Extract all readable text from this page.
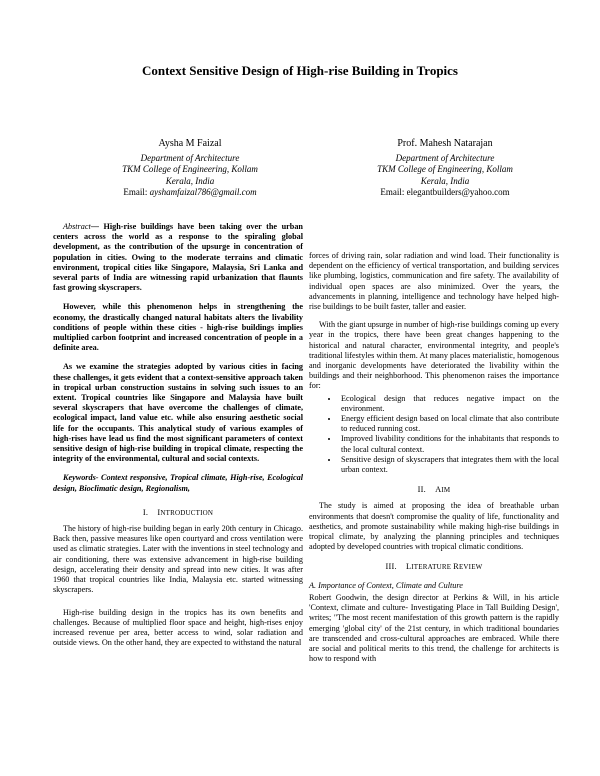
Context Sensitive Design of High-rise Building in Tropics
Aysha M Faizal
Department of Architecture
TKM College of Engineering, Kollam
Kerala, India
Email: ayshamfaizal786@gmail.com
Prof. Mahesh Natarajan
Department of Architecture
TKM College of Engineering, Kollam
Kerala, India
Email: elegantbuilders@yahoo.com

Abstract— High-rise buildings have been taking over the urban centers across the world as a response to the spiraling global development, as the contribution of the upsurge in concentration of population in cities. Owing to the moderate terrains and climatic environment, tropical cities like Singapore, Malaysia, Sri Lanka and several parts of India are witnessing rapid urbanization that flaunts fast growing skyscrapers.

However, while this phenomenon helps in strengthening the economy, the drastically changed natural habitats alters the livability conditions of people within these cities - high-rise buildings implies multiplied carbon footprint and increased concentration of people in a definite area.

As we examine the strategies adopted by various cities in facing these challenges, it gets evident that a context-sensitive approach taken in tropical urban construction sustains in solving such issues to an extent. Tropical countries like Singapore and Malaysia have built several skyscrapers that have overcome the challenges of climate, ecological impact, land value etc. while also ensuring aesthetic social life for the occupants. This analytical study of various examples of high-rises have lead us find the most significant parameters of context sensitive design of high-rise building in tropical climate, respecting the integrity of the environmental, cultural and social contexts.

Keywords- Context responsive, Tropical climate, High-rise, Ecological design, Bioclimatic design, Regionalism,
I. INTRODUCTION
The history of high-rise building began in early 20th century in Chicago. Back then, passive measures like open courtyard and cross ventilation were used as climatic strategies. Later with the inventions in steel technology and air conditioning, there was extensive advancement in high-rise building design, accelerating their density and spread into new cities. It was after 1960 that tropical countries like India, Malaysia etc. started witnessing skyscrapers.
High-rise building design in the tropics has its own benefits and challenges. Because of multiplied floor space and height, high-rises enjoy increased revenue per area, better access to wind, solar radiation and outside views. On the other hand, they are expected to withstand the natural
forces of driving rain, solar radiation and wind load. Their functionality is dependent on the efficiency of vertical transportation, and building services like plumbing, logistics, communication and fire safety. The availability of individual open spaces are also minimized. Over the years, the advancements in planning, intelligence and technology have helped high-rise buildings to be built faster, taller and easier.
With the giant upsurge in number of high-rise buildings coming up every year in the tropics, there have been great changes happening to the historical and natural character, environmental integrity, and people's traditional lifestyles within them. At many places materialistic, homogenous and inorganic developments have deteriorated the livability within the buildings and their neighborhood. This phenomenon raises the importance for:
• Ecological design that reduces negative impact on the environment.
• Energy efficient design based on local climate that also contribute to reduced running cost.
• Improved livability conditions for the inhabitants that responds to the local cultural context.
• Sensitive design of skyscrapers that integrates them with the local urban context.
II. AIM
The study is aimed at proposing the idea of breathable urban environments that doesn't compromise the quality of life, functionality and aesthetics, and promote sustainability while making high-rise buildings in tropical climate, by analyzing the planning principles and techniques adopted by developed countries with tropical climatic conditions.
III. LITERATURE REVIEW
A. Importance of Context, Climate and Culture
Robert Goodwin, the design director at Perkins & Will, in his article 'Context, climate and culture- Investigating Place in Tall Building Design', writes; "The most recent manifestation of this growth pattern is the rapidly emerging 'global city' of the 21st century, in which traditional boundaries are transcended and cross-cultural approaches are embraced. While there are social and political merits to this trend, the challenge for architects is how to respond with
